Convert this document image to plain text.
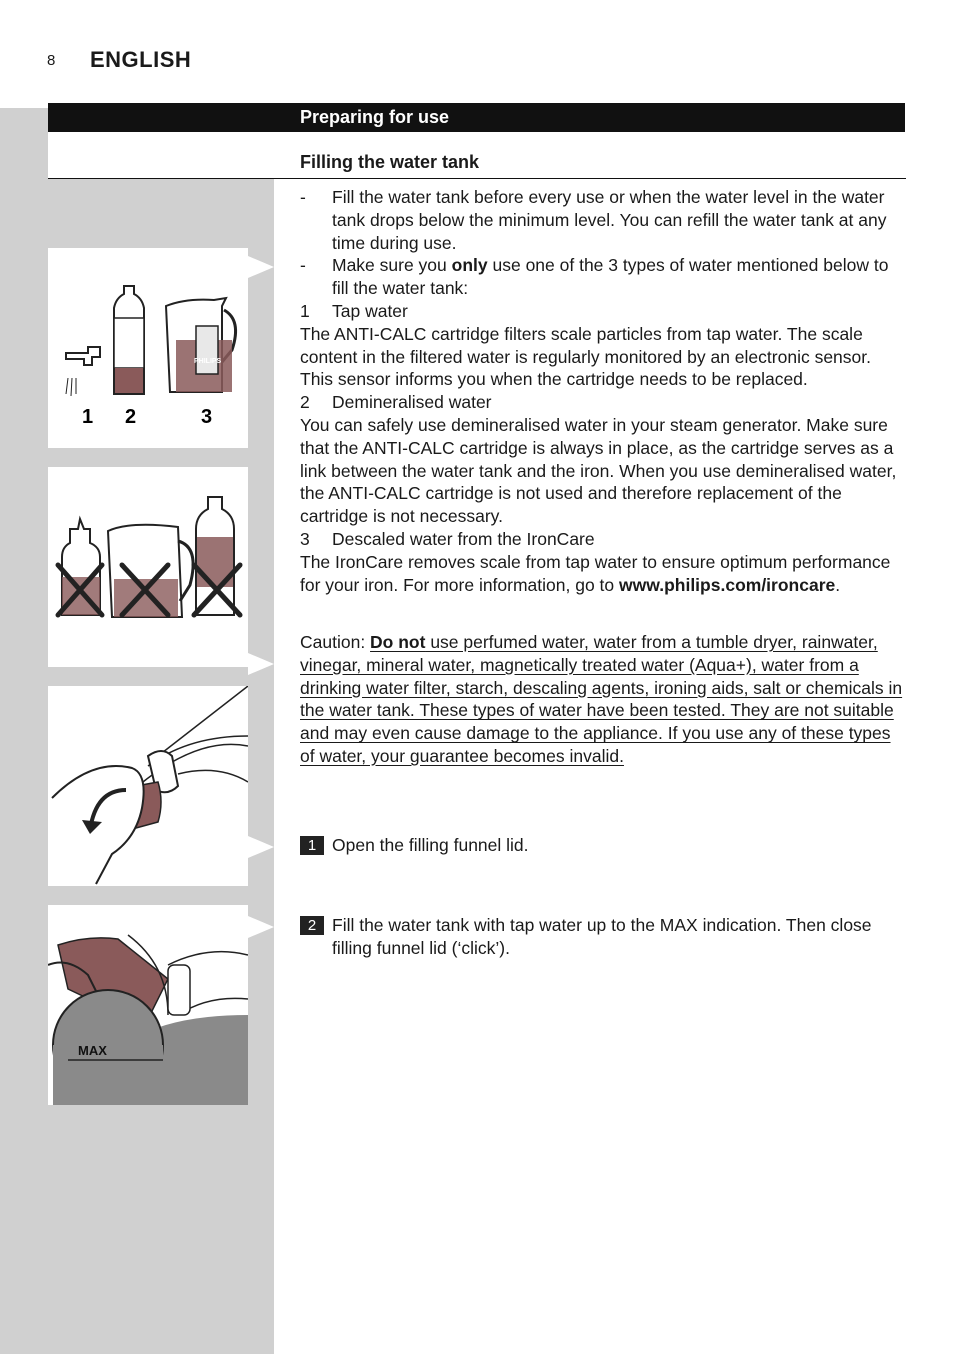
8 ENGLISH
Preparing for use
Filling the water tank
- Fill the water tank before every use or when the water level in the water tank drops below the minimum level. You can refill the water tank at any time during use.
- Make sure you only use one of the 3 types of water mentioned below to fill the water tank:
1 Tap water
The ANTI-CALC cartridge filters scale particles from tap water. The scale content in the filtered water is regularly monitored by an electronic sensor. This sensor informs you when the cartridge needs to be replaced.
2 Demineralised water
You can safely use demineralised water in your steam generator. Make sure that the ANTI-CALC cartridge is always in place, as the cartridge serves as a link between the water tank and the iron. When you use demineralised water, the ANTI-CALC cartridge is not used and therefore replacement of the cartridge is not necessary.
3 Descaled water from the IronCare
The IronCare removes scale from tap water to ensure optimum performance for your iron. For more information, go to www.philips.com/ironcare.
Caution: Do not use perfumed water, water from a tumble dryer, rainwater, vinegar, mineral water, magnetically treated water (Aqua+), water from a drinking water filter, starch, descaling agents, ironing aids, salt or chemicals in the water tank. These types of water have been tested. They are not suitable and may even cause damage to the appliance. If you use any of these types of water, your guarantee becomes invalid.
1 Open the filling funnel lid.
2 Fill the water tank with tap water up to the MAX indication. Then close filling funnel lid (‘click’).
PHILIPS
1 2	3
MAX
